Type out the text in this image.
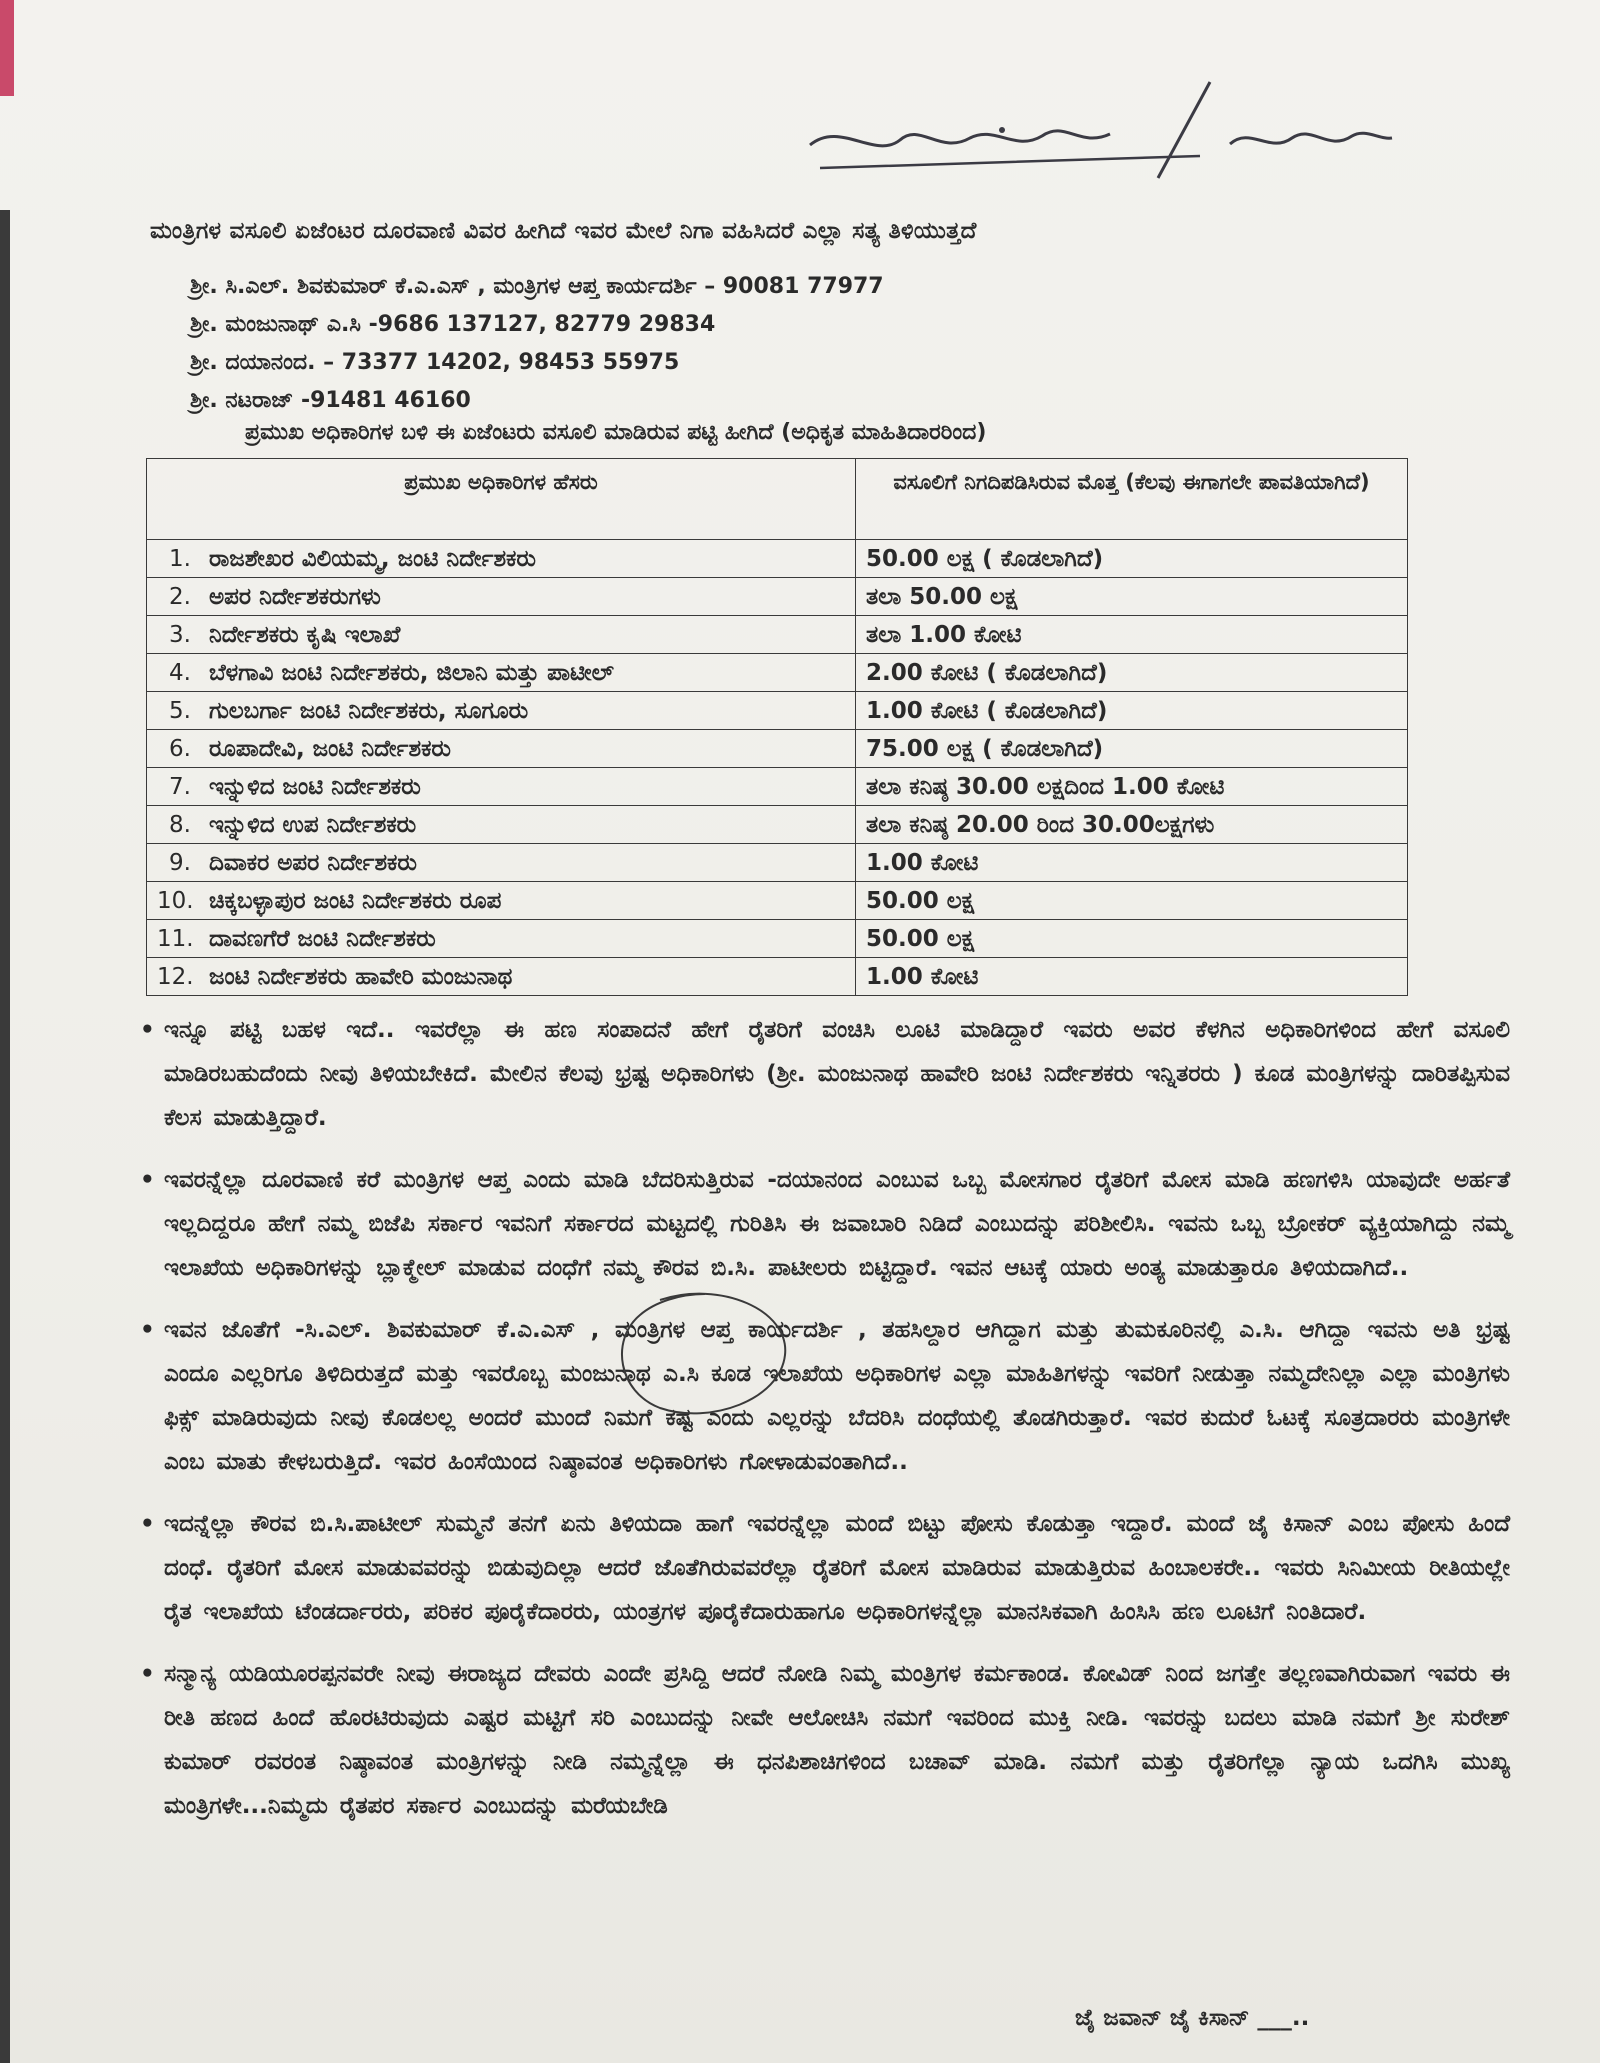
ಮಂತ್ರಿಗಳ ವಸೂಲಿ ಏಜೆಂಟರ ದೂರವಾಣಿ ವಿವರ ಹೀಗಿದೆ ಇವರ ಮೇಲೆ ನಿಗಾ ವಹಿಸಿದರೆ ಎಲ್ಲಾ ಸತ್ಯ ತಿಳಿಯುತ್ತದೆ
ಶ್ರೀ. ಸಿ.ಎಲ್. ಶಿವಕುಮಾರ್ ಕೆ.ಎ.ಎಸ್ , ಮಂತ್ರಿಗಳ ಆಪ್ತ ಕಾರ್ಯದರ್ಶಿ – 90081 77977
ಶ್ರೀ. ಮಂಜುನಾಥ್ ಎ.ಸಿ -9686 137127, 82779 29834
ಶ್ರೀ. ದಯಾನಂದ. – 73377 14202, 98453 55975
ಶ್ರೀ. ನಟರಾಜ್ -91481 46160
ಪ್ರಮುಖ ಅಧಿಕಾರಿಗಳ ಬಳಿ ಈ ಏಜೆಂಟರು ವಸೂಲಿ ಮಾಡಿರುವ ಪಟ್ಟಿ ಹೀಗಿದೆ (ಅಧಿಕೃತ ಮಾಹಿತಿದಾರರಿಂದ)
ಪ್ರಮುಖ ಅಧಿಕಾರಿಗಳ ಹೆಸರು	ವಸೂಲಿಗೆ ನಿಗದಿಪಡಿಸಿರುವ ಮೊತ್ತ (ಕೆಲವು ಈಗಾಗಲೇ ಪಾವತಿಯಾಗಿದೆ)
1. ರಾಜಶೇಖರ ವಿಲಿಯಮ್ಮ, ಜಂಟಿ ನಿರ್ದೇಶಕರು	50.00 ಲಕ್ಷ ( ಕೊಡಲಾಗಿದೆ)
2. ಅಪರ ನಿರ್ದೇಶಕರುಗಳು	ತಲಾ 50.00 ಲಕ್ಷ
3. ನಿರ್ದೇಶಕರು ಕೃಷಿ ಇಲಾಖೆ	ತಲಾ 1.00 ಕೋಟಿ
4. ಬೆಳಗಾವಿ ಜಂಟಿ ನಿರ್ದೇಶಕರು, ಜಿಲಾನಿ ಮತ್ತು ಪಾಟೀಲ್	2.00 ಕೋಟಿ ( ಕೊಡಲಾಗಿದೆ)
5. ಗುಲಬರ್ಗಾ ಜಂಟಿ ನಿರ್ದೇಶಕರು, ಸೂಗೂರು	1.00 ಕೋಟಿ ( ಕೊಡಲಾಗಿದೆ)
6. ರೂಪಾದೇವಿ, ಜಂಟಿ ನಿರ್ದೇಶಕರು	75.00 ಲಕ್ಷ ( ಕೊಡಲಾಗಿದೆ)
7. ಇನ್ನುಳಿದ ಜಂಟಿ ನಿರ್ದೇಶಕರು	ತಲಾ ಕನಿಷ್ಠ 30.00 ಲಕ್ಷದಿಂದ 1.00 ಕೋಟಿ
8. ಇನ್ನುಳಿದ ಉಪ ನಿರ್ದೇಶಕರು	ತಲಾ ಕನಿಷ್ಠ 20.00 ರಿಂದ 30.00ಲಕ್ಷಗಳು
9. ದಿವಾಕರ ಅಪರ ನಿರ್ದೇಶಕರು	1.00 ಕೋಟಿ
10. ಚಿಕ್ಕಬಳ್ಳಾಪುರ ಜಂಟಿ ನಿರ್ದೇಶಕರು ರೂಪ	50.00 ಲಕ್ಷ
11. ದಾವಣಗೆರೆ ಜಂಟಿ ನಿರ್ದೇಶಕರು	50.00 ಲಕ್ಷ
12. ಜಂಟಿ ನಿರ್ದೇಶಕರು ಹಾವೇರಿ ಮಂಜುನಾಥ	1.00 ಕೋಟಿ
• ಇನ್ನೂ ಪಟ್ಟಿ ಬಹಳ ಇದೆ.. ಇವರೆಲ್ಲಾ ಈ ಹಣ ಸಂಪಾದನೆ ಹೇಗೆ ರೈತರಿಗೆ ವಂಚಿಸಿ ಲೂಟಿ ಮಾಡಿದ್ದಾರೆ ಇವರು ಅವರ ಕೆಳಗಿನ ಅಧಿಕಾರಿಗಳಿಂದ ಹೇಗೆ ವಸೂಲಿ ಮಾಡಿರಬಹುದೆಂದು ನೀವು ತಿಳಿಯಬೇಕಿದೆ. ಮೇಲಿನ ಕೆಲವು ಭ್ರಷ್ಟ ಅಧಿಕಾರಿಗಳು (ಶ್ರೀ. ಮಂಜುನಾಥ ಹಾವೇರಿ ಜಂಟಿ ನಿರ್ದೇಶಕರು ಇನ್ನಿತರರು ) ಕೂಡ ಮಂತ್ರಿಗಳನ್ನು ದಾರಿತಪ್ಪಿಸುವ ಕೆಲಸ ಮಾಡುತ್ತಿದ್ದಾರೆ.
• ಇವರನ್ನೆಲ್ಲಾ ದೂರವಾಣಿ ಕರೆ ಮಂತ್ರಿಗಳ ಆಪ್ತ ಎಂದು ಮಾಡಿ ಬೆದರಿಸುತ್ತಿರುವ -ದಯಾನಂದ ಎಂಬುವ ಒಬ್ಬ ಮೋಸಗಾರ ರೈತರಿಗೆ ಮೋಸ ಮಾಡಿ ಹಣಗಳಿಸಿ ಯಾವುದೇ ಅರ್ಹತೆ ಇಲ್ಲದಿದ್ದರೂ ಹೇಗೆ ನಮ್ಮ ಬಿಜೆಪಿ ಸರ್ಕಾರ ಇವನಿಗೆ ಸರ್ಕಾರದ ಮಟ್ಟದಲ್ಲಿ ಗುರಿತಿಸಿ ಈ ಜವಾಬಾರಿ ನಿಡಿದೆ ಎಂಬುದನ್ನು ಪರಿಶೀಲಿಸಿ. ಇವನು ಒಬ್ಬ ಬ್ರೋಕರ್ ವ್ಯಕ್ತಿಯಾಗಿದ್ದು ನಮ್ಮ ಇಲಾಖೆಯ ಅಧಿಕಾರಿಗಳನ್ನು ಬ್ಲಾಕ್ಮೇಲ್ ಮಾಡುವ ದಂಧೆಗೆ ನಮ್ಮ ಕೌರವ ಬಿ.ಸಿ. ಪಾಟೀಲರು ಬಿಟ್ಟಿದ್ದಾರೆ. ಇವನ ಆಟಕ್ಕೆ ಯಾರು ಅಂತ್ಯ ಮಾಡುತ್ತಾರೂ ತಿಳಿಯದಾಗಿದೆ..
• ಇವನ ಜೊತೆಗೆ -ಸಿ.ಎಲ್. ಶಿವಕುಮಾರ್ ಕೆ.ಎ.ಎಸ್ , ಮಂತ್ರಿಗಳ ಆಪ್ತ ಕಾರ್ಯದರ್ಶಿ , ತಹಸಿಲ್ದಾರ ಆಗಿದ್ದಾಗ ಮತ್ತು ತುಮಕೂರಿನಲ್ಲಿ ಎ.ಸಿ. ಆಗಿದ್ದಾ ಇವನು ಅತಿ ಭ್ರಷ್ಟ ಎಂದೂ ಎಲ್ಲರಿಗೂ ತಿಳಿದಿರುತ್ತದೆ ಮತ್ತು ಇವರೊಬ್ಬ ಮಂಜುನಾಥ ಎ.ಸಿ ಕೂಡ ಇಲಾಖೆಯ ಅಧಿಕಾರಿಗಳ ಎಲ್ಲಾ ಮಾಹಿತಿಗಳನ್ನು ಇವರಿಗೆ ನೀಡುತ್ತಾ ನಮ್ಮದೇನಿಲ್ಲಾ ಎಲ್ಲಾ ಮಂತ್ರಿಗಳು ಫಿಕ್ಸ್ ಮಾಡಿರುವುದು ನೀವು ಕೊಡಲಲ್ಲ ಅಂದರೆ ಮುಂದೆ ನಿಮಗೆ ಕಷ್ಟ ಎಂದು ಎಲ್ಲರನ್ನು ಬೆದರಿಸಿ ದಂಧೆಯಲ್ಲಿ ತೊಡಗಿರುತ್ತಾರೆ. ಇವರ ಕುದುರೆ ಓಟಕ್ಕೆ ಸೂತ್ರದಾರರು ಮಂತ್ರಿಗಳೇ ಎಂಬ ಮಾತು ಕೇಳಬರುತ್ತಿದೆ. ಇವರ ಹಿಂಸೆಯಿಂದ ನಿಷ್ಠಾವಂತ ಅಧಿಕಾರಿಗಳು ಗೋಳಾಡುವಂತಾಗಿದೆ..
• ಇದನ್ನೆಲ್ಲಾ ಕೌರವ ಬಿ.ಸಿ.ಪಾಟೀಲ್ ಸುಮ್ಮನೆ ತನಗೆ ಏನು ತಿಳಿಯದಾ ಹಾಗೆ ಇವರನ್ನೆಲ್ಲಾ ಮಂದೆ ಬಿಟ್ಟು ಪೋಸು ಕೊಡುತ್ತಾ ಇದ್ದಾರೆ. ಮಂದೆ ಜೈ ಕಿಸಾನ್ ಎಂಬ ಪೋಸು ಹಿಂದೆ ದಂಧೆ. ರೈತರಿಗೆ ಮೋಸ ಮಾಡುವವರನ್ನು ಬಿಡುವುದಿಲ್ಲಾ ಆದರೆ ಜೊತೆಗಿರುವವರೆಲ್ಲಾ ರೈತರಿಗೆ ಮೋಸ ಮಾಡಿರುವ ಮಾಡುತ್ತಿರುವ ಹಿಂಬಾಲಕರೇ.. ಇವರು ಸಿನಿಮೀಯ ರೀತಿಯಲ್ಲೇ ರೈತ ಇಲಾಖೆಯ ಟೆಂಡರ್ದಾರರು, ಪರಿಕರ ಪೂರೈಕೆದಾರರು, ಯಂತ್ರಗಳ ಪೂರೈಕೆದಾರುಹಾಗೂ ಅಧಿಕಾರಿಗಳನ್ನೆಲ್ಲಾ ಮಾನಸಿಕವಾಗಿ ಹಿಂಸಿಸಿ ಹಣ ಲೂಟಿಗೆ ನಿಂತಿದಾರೆ.
• ಸನ್ಮಾನ್ಯ ಯಡಿಯೂರಪ್ಪನವರೇ ನೀವು ಈರಾಜ್ಯದ ದೇವರು ಎಂದೇ ಪ್ರಸಿದ್ದಿ ಆದರೆ ನೋಡಿ ನಿಮ್ಮ ಮಂತ್ರಿಗಳ ಕರ್ಮಕಾಂಡ. ಕೋವಿಡ್ ನಿಂದ ಜಗತ್ತೇ ತಲ್ಲಣವಾಗಿರುವಾಗ ಇವರು ಈ ರೀತಿ ಹಣದ ಹಿಂದೆ ಹೊರಟಿರುವುದು ಎಷ್ಟರ ಮಟ್ಟಿಗೆ ಸರಿ ಎಂಬುದನ್ನು ನೀವೇ ಆಲೋಚಿಸಿ ನಮಗೆ ಇವರಿಂದ ಮುಕ್ತಿ ನೀಡಿ. ಇವರನ್ನು ಬದಲು ಮಾಡಿ ನಮಗೆ ಶ್ರೀ ಸುರೇಶ್ ಕುಮಾರ್ ರವರಂತ ನಿಷ್ಠಾವಂತ ಮಂತ್ರಿಗಳನ್ನು ನೀಡಿ ನಮ್ಮನ್ನೆಲ್ಲಾ ಈ ಧನಪಿಶಾಚಿಗಳಿಂದ ಬಚಾವ್ ಮಾಡಿ. ನಮಗೆ ಮತ್ತು ರೈತರಿಗೆಲ್ಲಾ ನ್ಯಾಯ ಒದಗಿಸಿ ಮುಖ್ಯ ಮಂತ್ರಿಗಳೇ...ನಿಮ್ಮದು ರೈತಪರ ಸರ್ಕಾರ ಎಂಬುದನ್ನು ಮರೆಯಬೇಡಿ
ಜೈ ಜವಾನ್ ಜೈ ಕಿಸಾನ್ ___..
